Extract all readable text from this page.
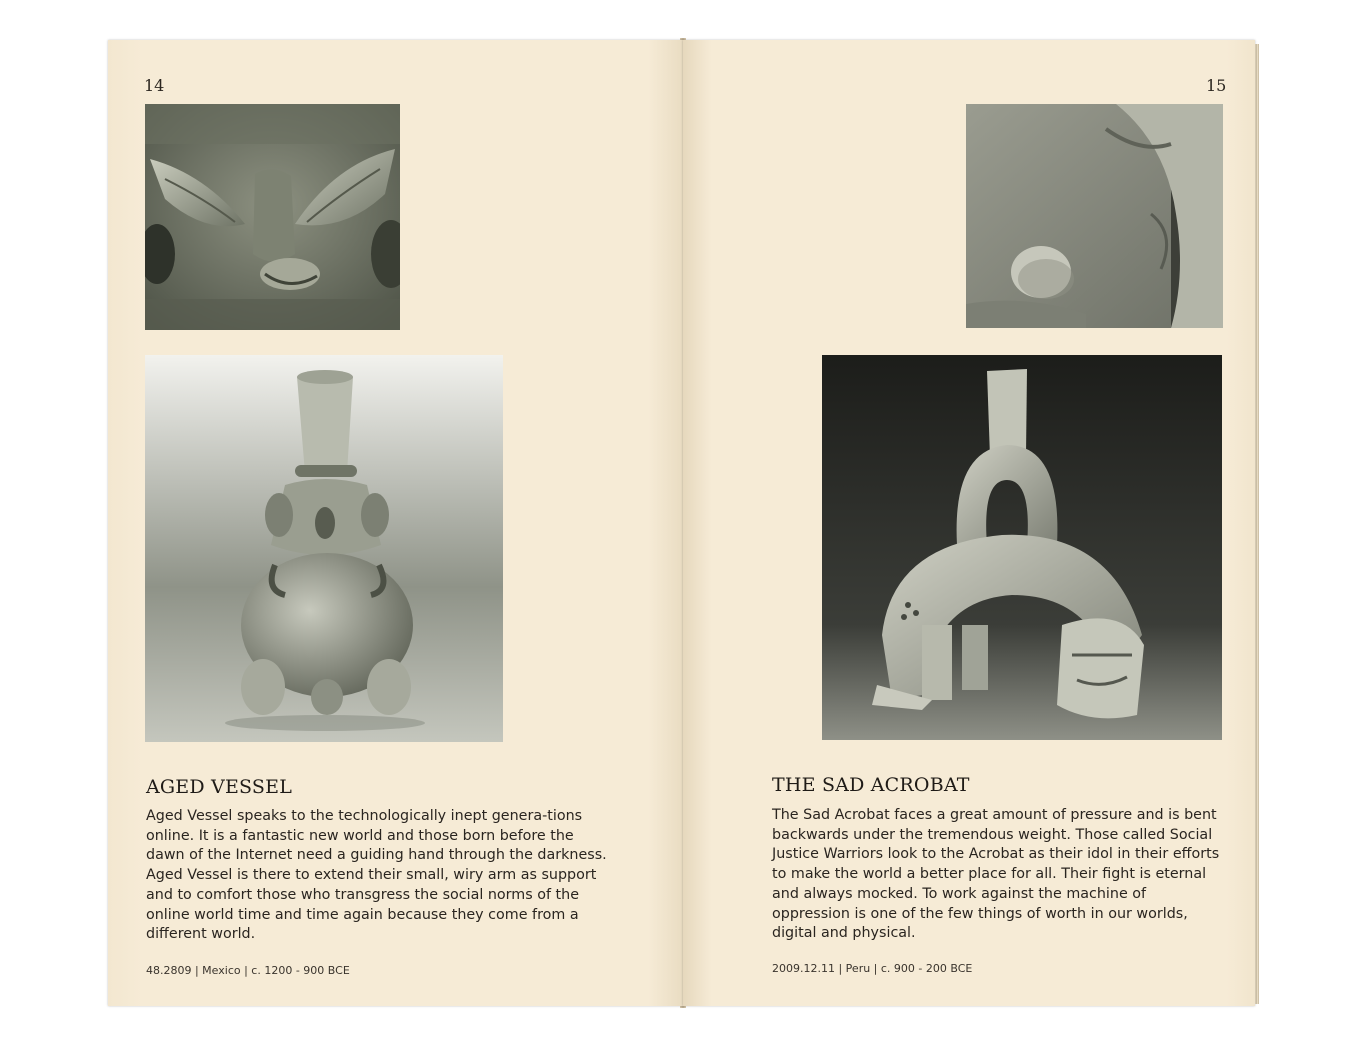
14
AGED VESSEL

Aged Vessel speaks to the technologically inept genera-tions online. It is a fantastic new world and those born before the dawn of the Internet need a guiding hand through the darkness. Aged Vessel is there to extend their small, wiry arm as support and to comfort those who transgress the social norms of the online world time and time again because they come from a different world.

48.2809 | Mexico | c. 1200 - 900 BCE
15
THE SAD ACROBAT

The Sad Acrobat faces a great amount of pressure and is bent backwards under the tremendous weight. Those called Social Justice Warriors look to the Acrobat as their idol in their efforts to make the world a better place for all. Their fight is eternal and always mocked. To work against the machine of oppression is one of the few things of worth in our worlds, digital and physical.

2009.12.11 | Peru | c. 900 - 200 BCE
